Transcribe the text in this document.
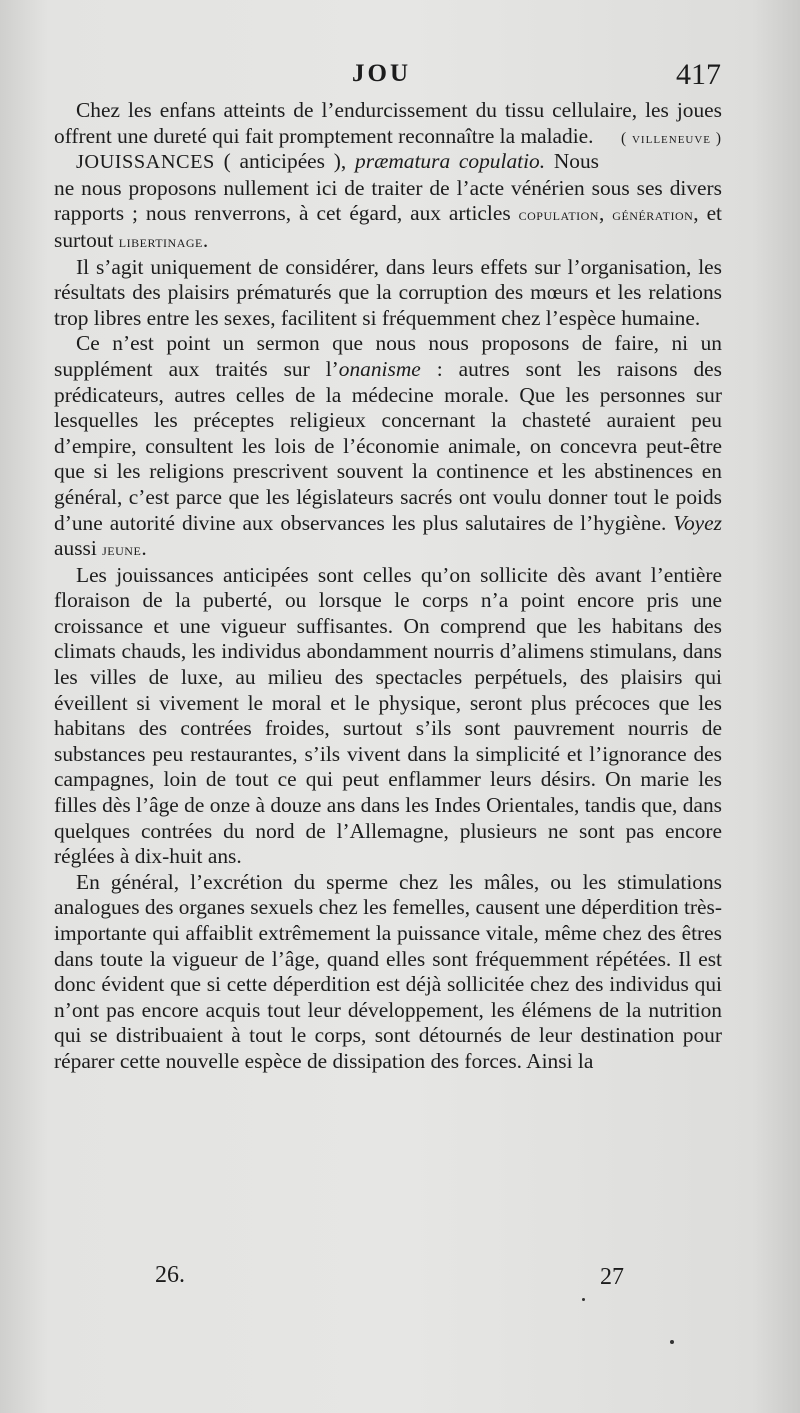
JOU	417

Chez les enfans atteints de l’endurcissement du tissu cellulaire, les joues offrent une dureté qui fait promptement reconnaître la maladie.	( villeneuve )

JOUISSANCES ( anticipées ), præmatura copulatio. Nous ne nous proposons nullement ici de traiter de l’acte vénérien sous ses divers rapports ; nous renverrons, à cet égard, aux articles copulation, génération, et surtout libertinage.

Il s’agit uniquement de considérer, dans leurs effets sur l’organisation, les résultats des plaisirs prématurés que la corruption des mœurs et les relations trop libres entre les sexes, facilitent si fréquemment chez l’espèce humaine.

Ce n’est point un sermon que nous nous proposons de faire, ni un supplément aux traités sur l’onanisme : autres sont les raisons des prédicateurs, autres celles de la médecine morale. Que les personnes sur lesquelles les préceptes religieux concernant la chasteté auraient peu d’empire, consultent les lois de l’économie animale, on concevra peut-être que si les religions prescrivent souvent la continence et les abstinences en général, c’est parce que les législateurs sacrés ont voulu donner tout le poids d’une autorité divine aux observances les plus salutaires de l’hygiène. Voyez aussi jeune.

Les jouissances anticipées sont celles qu’on sollicite dès avant l’entière floraison de la puberté, ou lorsque le corps n’a point encore pris une croissance et une vigueur suffisantes. On comprend que les habitans des climats chauds, les individus abondamment nourris d’alimens stimulans, dans les villes de luxe, au milieu des spectacles perpétuels, des plaisirs qui éveillent si vivement le moral et le physique, seront plus précoces que les habitans des contrées froides, surtout s’ils sont pauvrement nourris de substances peu restaurantes, s’ils vivent dans la simplicité et l’ignorance des campagnes, loin de tout ce qui peut enflammer leurs désirs. On marie les filles dès l’âge de onze à douze ans dans les Indes Orientales, tandis que, dans quelques contrées du nord de l’Allemagne, plusieurs ne sont pas encore réglées à dix-huit ans.

En général, l’excrétion du sperme chez les mâles, ou les stimulations analogues des organes sexuels chez les femelles, causent une déperdition très-importante qui affaiblit extrêmement la puissance vitale, même chez des êtres dans toute la vigueur de l’âge, quand elles sont fréquemment répétées. Il est donc évident que si cette déperdition est déjà sollicitée chez des individus qui n’ont pas encore acquis tout leur développement, les élémens de la nutrition qui se distribuaient à tout le corps, sont détournés de leur destination pour réparer cette nouvelle espèce de dissipation des forces. Ainsi la

26.	27
